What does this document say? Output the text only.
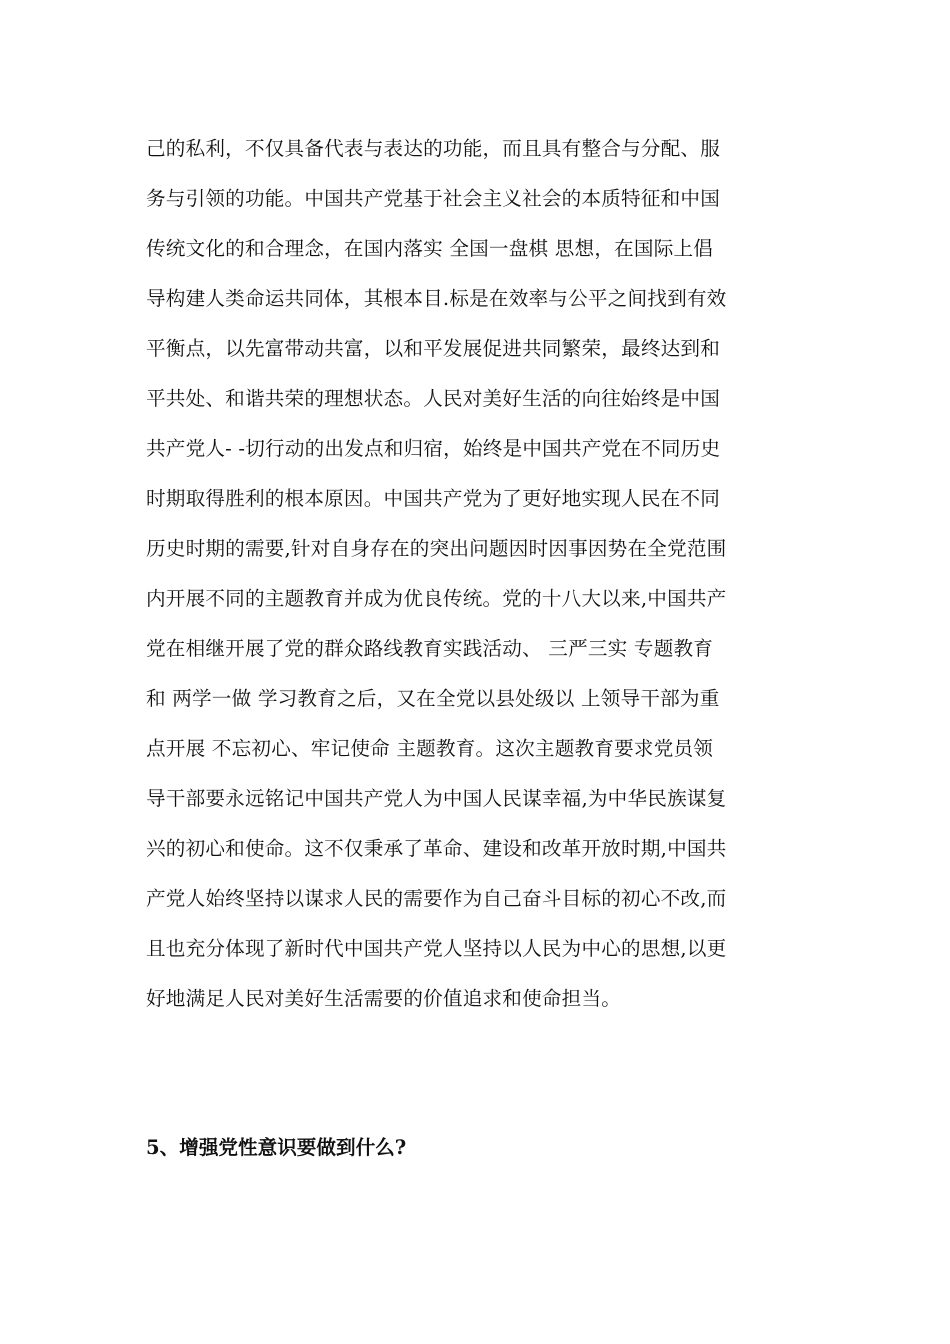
己的私利，不仅具备代表与表达的功能，而且具有整合与分配、服
务与引领的功能。中国共产党基于社会主义社会的本质特征和中国
传统文化的和合理念，在国内落实 全国一盘棋 思想，在国际上倡
导构建人类命运共同体，其根本目.标是在效率与公平之间找到有效
平衡点，以先富带动共富，以和平发展促进共同繁荣，最终达到和
平共处、和谐共荣的理想状态。人民对美好生活的向往始终是中国
共产党人- -切行动的出发点和归宿，始终是中国共产党在不同历史
时期取得胜利的根本原因。中国共产党为了更好地实现人民在不同
历史时期的需要,针对自身存在的突出问题因时因事因势在全党范围
内开展不同的主题教育并成为优良传统。党的十八大以来,中国共产
党在相继开展了党的群众路线教育实践活动、 三严三实 专题教育
和 两学一做 学习教育之后，又在全党以县处级以 上领导干部为重
点开展 不忘初心、牢记使命 主题教育。这次主题教育要求党员领
导干部要永远铭记中国共产党人为中国人民谋幸福,为中华民族谋复
兴的初心和使命。这不仅秉承了革命、建设和改革开放时期,中国共
产党人始终坚持以谋求人民的需要作为自己奋斗目标的初心不改,而
且也充分体现了新时代中国共产党人坚持以人民为中心的思想,以更
好地满足人民对美好生活需要的价值追求和使命担当。
5、增强党性意识要做到什么?
